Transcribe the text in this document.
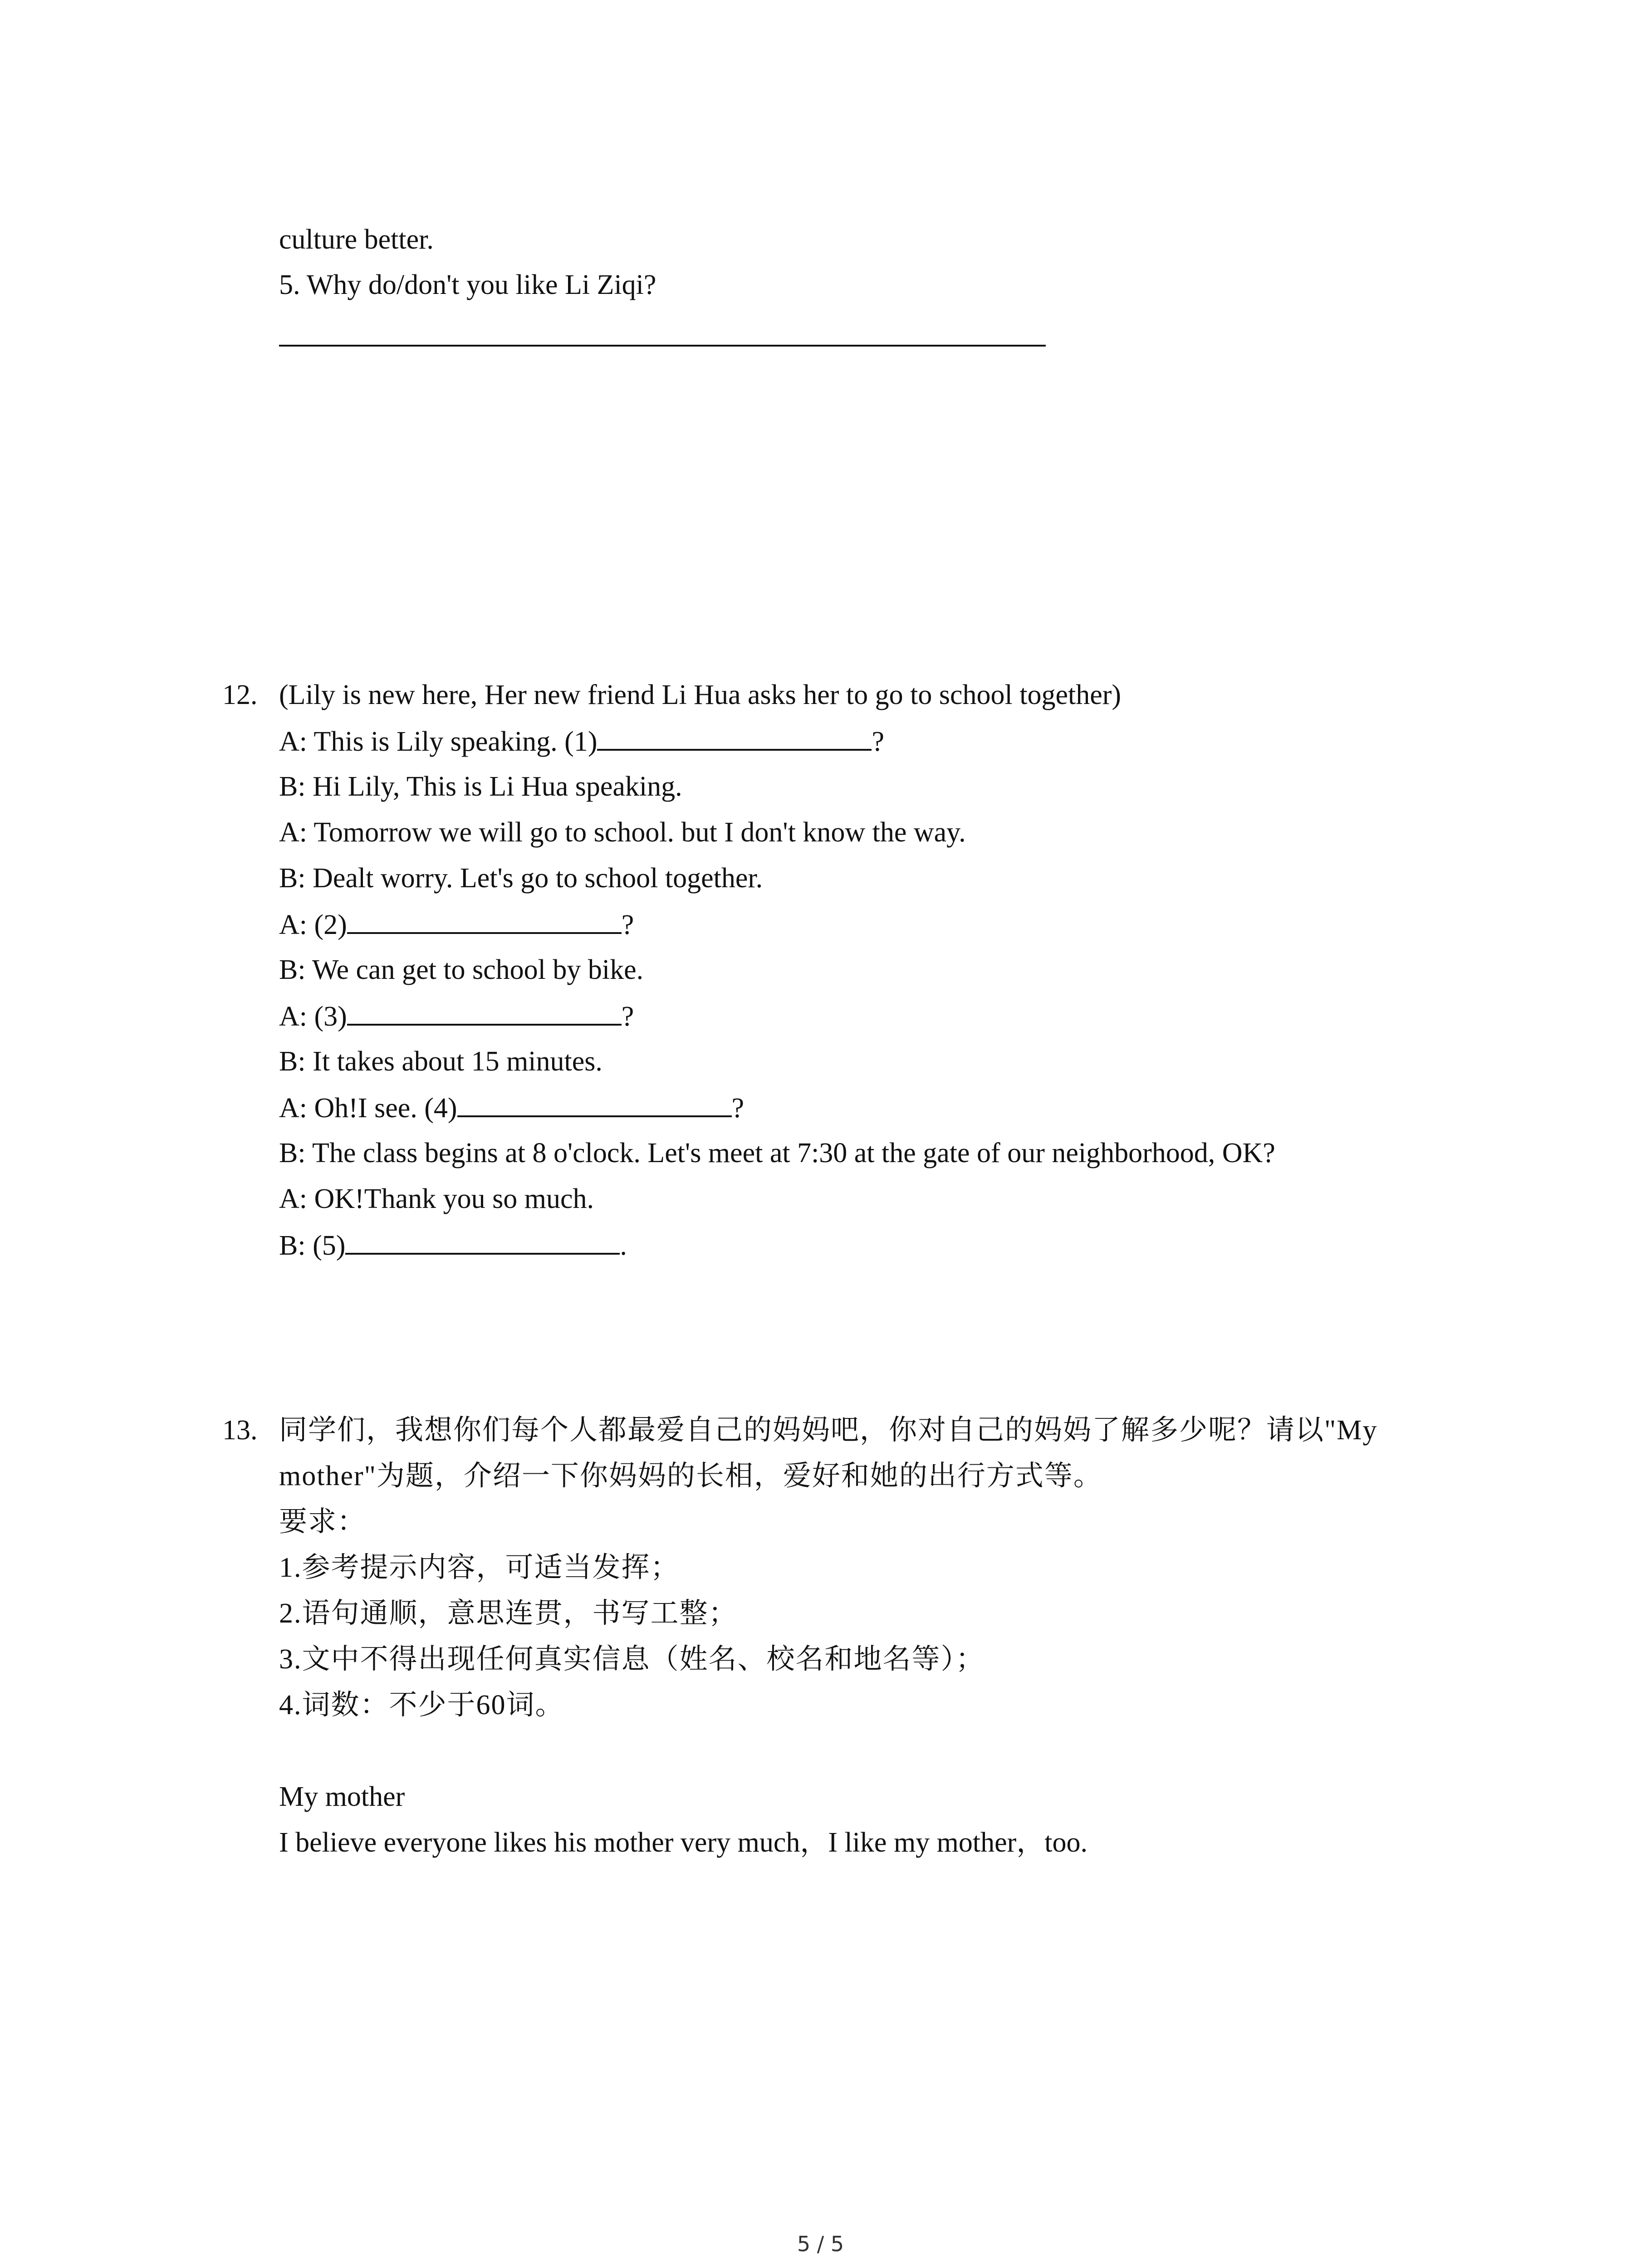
culture better.
5. Why do/don't you like Li Ziqi?
12. (Lily is new here, Her new friend Li Hua asks her to go to school together)
A: This is Lily speaking. (1)	?
B: Hi Lily, This is Li Hua speaking.
A: Tomorrow we will go to school. but I don't know the way.
B: Dealt worry. Let's go to school together.
A: (2)	?
B: We can get to school by bike.
A: (3)	?
B: It takes about 15 minutes.
A: Oh!I see. (4)	?
B: The class begins at 8 o'clock. Let's meet at 7:30 at the gate of our neighborhood, OK?
A: OK!Thank you so much.
B: (5)	.
13. 同学们，我想你们每个人都最爱自己的妈妈吧，你对自己的妈妈了解多少呢？请以"My
mother"为题，介绍一下你妈妈的长相，爱好和她的出行方式等。
要求：
1.参考提示内容，可适当发挥；
2.语句通顺，意思连贯，书写工整；
3.文中不得出现任何真实信息（姓名、校名和地名等）；
4.词数：不少于60词。
My mother
I believe everyone likes his mother very much，I like my mother，too.
5 / 5
